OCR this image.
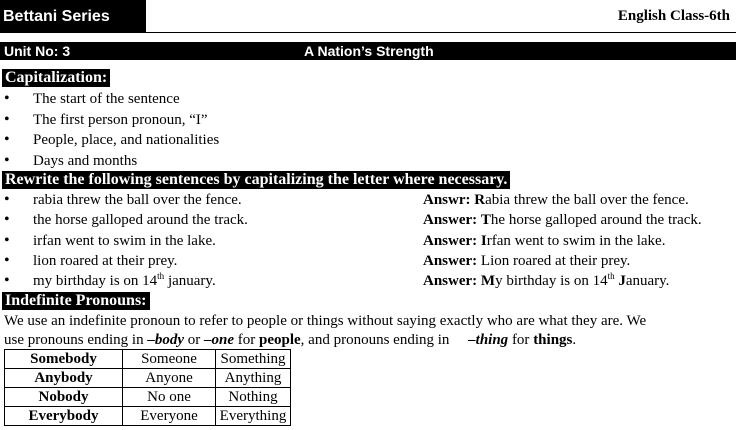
Bettani Series	English Class-6th
Unit No: 3	A Nation’s Strength
Capitalization:
•
The start of the sentence
•
The first person pronoun, “I”
•
People, place, and nationalities
•
Days and months
Rewrite the following sentences by capitalizing the letter where necessary.
•
rabia threw the ball over the fence.	Answr: Rabia threw the ball over the fence.
•
the horse galloped around the track.	Answer: The horse galloped around the track.
•
irfan went to swim in the lake.	Answer: Irfan went to swim in the lake.
•
lion roared at their prey.	Answer: Lion roared at their prey.
•
my birthday is on 14th january.	Answer: My birthday is on 14th January.
Indefinite Pronouns:
We use an indefinite pronoun to refer to people or things without saying exactly who are what they are. We
use pronouns ending in –body or –one for people, and pronouns ending in     –thing for things.
Somebody	Someone	Something
Anybody	Anyone	Anything
Nobody	No one	Nothing
Everybody	Everyone	Everything
